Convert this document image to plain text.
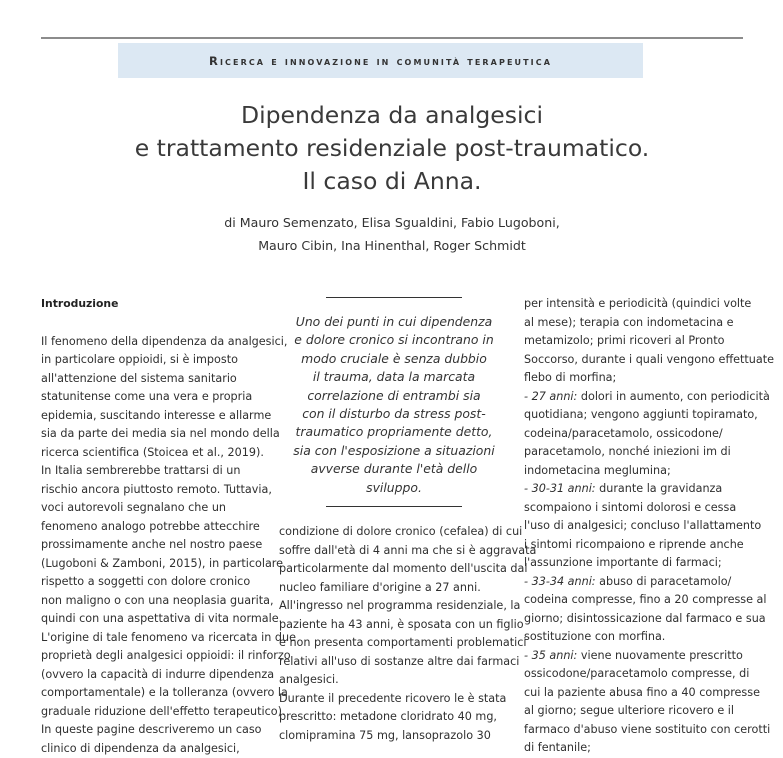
Ricerca e innovazione in comunità terapeutica
Dipendenza da analgesici
e trattamento residenziale post-traumatico.
Il caso di Anna.
di Mauro Semenzato, Elisa Sgualdini, Fabio Lugoboni,
Mauro Cibin, Ina Hinenthal, Roger Schmidt
Introduzione
Il fenomeno della dipendenza da analgesici,
in particolare oppioidi, si è imposto
all'attenzione del sistema sanitario
statunitense come una vera e propria
epidemia, suscitando interesse e allarme
sia da parte dei media sia nel mondo della
ricerca scientifica (Stoicea et al., 2019).
In Italia sembrerebbe trattarsi di un
rischio ancora piuttosto remoto. Tuttavia,
voci autorevoli segnalano che un
fenomeno analogo potrebbe attecchire
prossimamente anche nel nostro paese
(Lugoboni & Zamboni, 2015), in particolare
rispetto a soggetti con dolore cronico
non maligno o con una neoplasia guarita,
quindi con una aspettativa di vita normale.
L'origine di tale fenomeno va ricercata in due
proprietà degli analgesici oppioidi: il rinforzo
(ovvero la capacità di indurre dipendenza
comportamentale) e la tolleranza (ovvero la
graduale riduzione dell'effetto terapeutico).
In queste pagine descriveremo un caso
clinico di dipendenza da analgesici,
Uno dei punti in cui dipendenza
e dolore cronico si incontrano in
modo cruciale è senza dubbio
il trauma, data la marcata
correlazione di entrambi sia
con il disturbo da stress post-
traumatico propriamente detto,
sia con l'esposizione a situazioni
avverse durante l'età dello
sviluppo.
condizione di dolore cronico (cefalea) di cui
soffre dall'età di 4 anni ma che si è aggravata
particolarmente dal momento dell'uscita dal
nucleo familiare d'origine a 27 anni.
All'ingresso nel programma residenziale, la
paziente ha 43 anni, è sposata con un figlio
e non presenta comportamenti problematici
relativi all'uso di sostanze altre dai farmaci
analgesici.
Durante il precedente ricovero le è stata
prescritto: metadone cloridrato 40 mg,
clomipramina 75 mg, lansoprazolo 30
per intensità e periodicità (quindici volte
al mese); terapia con indometacina e
metamizolo; primi ricoveri al Pronto
Soccorso, durante i quali vengono effettuate
flebo di morfina;
- 27 anni: dolori in aumento, con periodicità
quotidiana; vengono aggiunti topiramato,
codeina/paracetamolo, ossicodone/
paracetamolo, nonché iniezioni im di
indometacina meglumina;
- 30-31 anni: durante la gravidanza
scompaiono i sintomi dolorosi e cessa
l'uso di analgesici; concluso l'allattamento
i sintomi ricompaiono e riprende anche
l'assunzione importante di farmaci;
- 33-34 anni: abuso di paracetamolo/
codeina compresse, fino a 20 compresse al
giorno; disintossicazione dal farmaco e sua
sostituzione con morfina.
- 35 anni: viene nuovamente prescritto
ossicodone/paracetamolo compresse, di
cui la paziente abusa fino a 40 compresse
al giorno; segue ulteriore ricovero e il
farmaco d'abuso viene sostituito con cerotti
di fentanile;
